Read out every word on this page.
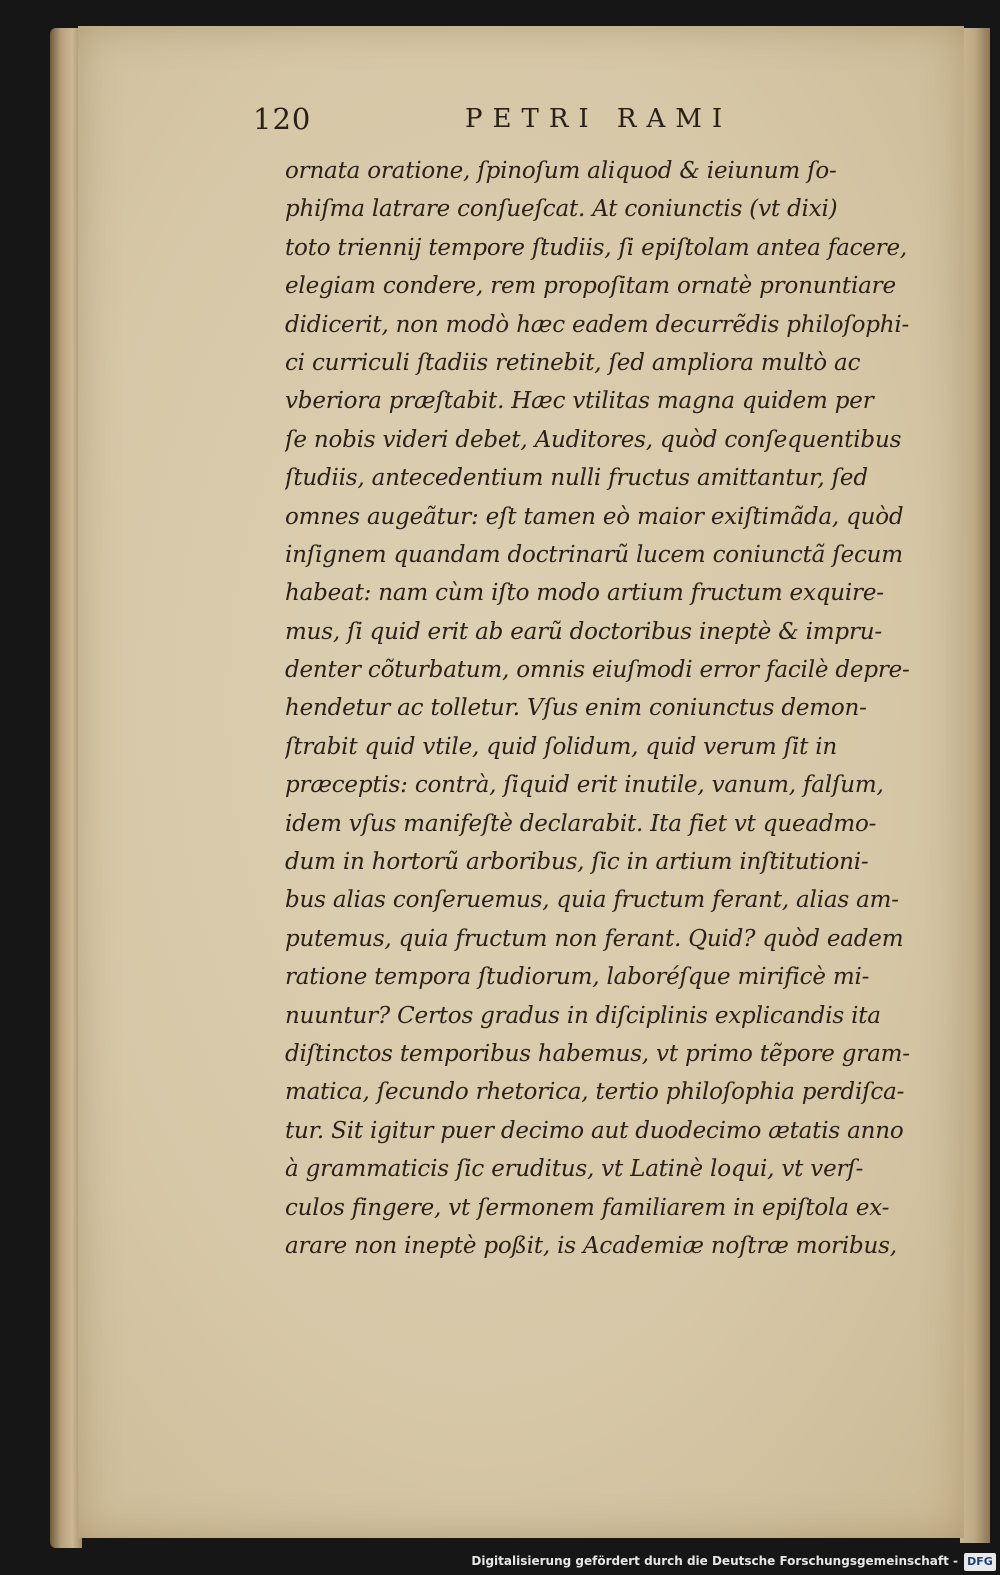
120	PETRI RAMI
ornata oratione, ſpinoſum aliquod & ieiunum ſo-
phiſma latrare conſueſcat. At coniunctis (vt dixi)
toto triennij tempore ſtudiis, ſi epiſtolam antea facere,
elegiam condere, rem propoſitam ornatè pronuntiare
didicerit, non modò hæc eadem decurrẽdis philoſophi-
ci curriculi ſtadiis retinebit, ſed ampliora multò ac
vberiora præſtabit. Hæc vtilitas magna quidem per
ſe nobis videri debet, Auditores, quòd conſequentibus
ſtudiis, antecedentium nulli fructus amittantur, ſed
omnes augeãtur: eſt tamen eò maior exiſtimãda, quòd
inſignem quandam doctrinarũ lucem coniunctã ſecum
habeat: nam cùm iſto modo artium fructum exquire-
mus, ſi quid erit ab earũ doctoribus ineptè & impru-
denter cõturbatum, omnis eiuſmodi error facilè depre-
hendetur ac tolletur. Vſus enim coniunctus demon-
ſtrabit quid vtile, quid ſolidum, quid verum ſit in
præceptis: contrà, ſiquid erit inutile, vanum, falſum,
idem vſus manifeſtè declarabit. Ita fiet vt queadmo-
dum in hortorũ arboribus, ſic in artium inſtitutioni-
bus alias conſeruemus, quia fructum ferant, alias am-
putemus, quia fructum non ferant. Quid? quòd eadem
ratione tempora ſtudiorum, laboréſque mirificè mi-
nuuntur? Certos gradus in diſciplinis explicandis ita
diſtinctos temporibus habemus, vt primo tẽpore gram-
matica, ſecundo rhetorica, tertio philoſophia perdiſca-
tur. Sit igitur puer decimo aut duodecimo ætatis anno
à grammaticis ſic eruditus, vt Latinè loqui, vt verſ-
culos fingere, vt ſermonem familiarem in epiſtola ex-
arare non ineptè poßit, is Academiæ noſtræ moribus,
Digitalisierung gefördert durch die Deutsche Forschungsgemeinschaft - DFG
